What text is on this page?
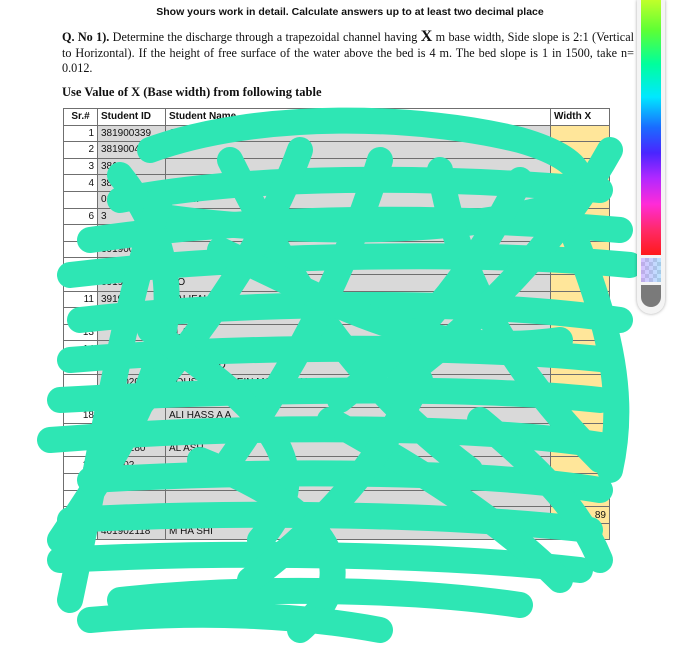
Show yours work in detail. Calculate answers up to at least two decimal place
Q. No 1). Determine the discharge through a trapezoidal channel having X m base width, Side slope is 2:1 (Vertical to Horizontal). If the height of free surface of the water above the bed is 4 m. The bed slope is 1 in 1500, take n= 0.012.
Use Value of X (Base width) from following table
Sr.#	Student ID	Student Name	Width X
1	381900339	OMAR	
2	38190049		
3	381		
4	38		
	0150	OHAM	
6	3		
7	3		
8	391900		
9	391	AHEF	
10	3919	MO	
11	391902	HALIFAH	
12	391	RANI	
13		ALABR	
14	39	DULAZIZ AHMED ALMASAD	
15		ALI M OR ID	
	3929020	YOUSIF HUSSEIN MOHAMMAD	
	3929026	ALMAJE OHAM SALEM DA	
18	392 027	ALI HASS A A	
19	0277	KH AZIZ RAHMAN	
	39290280	AL ASH	
21	392902		
22	401900	RTD	
23			
	901654	ABUSHA WI	89
	401902118	M HA SHI	
